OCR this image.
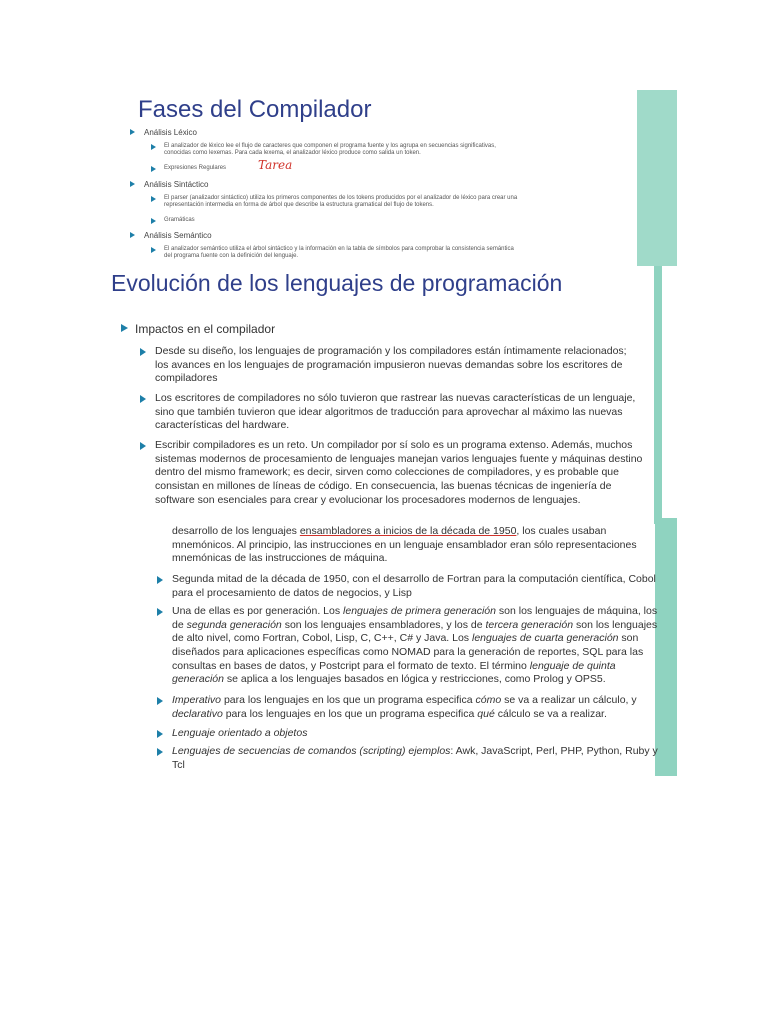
desarrollo de los lenguajes ensambladores a inicios de la década de 1950, los cuales usaban mnemónicos. Al principio, las instrucciones en un lenguaje ensamblador eran sólo representaciones mnemónicas de las instrucciones de máquina.
Segunda mitad de la década de 1950, con el desarrollo de Fortran para la computación científica, Cobol para el procesamiento de datos de negocios, y Lisp
Una de ellas es por generación. Los lenguajes de primera generación son los lenguajes de máquina, los de segunda generación son los lenguajes ensambladores, y los de tercera generación son los lenguajes de alto nivel, como Fortran, Cobol, Lisp, C, C++, C# y Java. Los lenguajes de cuarta generación son diseñados para aplicaciones específicas como NOMAD para la generación de reportes, SQL para las consultas en bases de datos, y Postcript para el formato de texto. El término lenguaje de quinta generación se aplica a los lenguajes basados en lógica y restricciones, como Prolog y OPS5.
Imperativo para los lenguajes en los que un programa especifica cómo se va a realizar un cálculo, y declarativo para los lenguajes en los que un programa especifica qué cálculo se va a realizar.
Lenguaje orientado a objetos
Lenguajes de secuencias de comandos (scripting) ejemplos: Awk, JavaScript, Perl, PHP, Python, Ruby y Tcl
Fases del Compilador
Análisis Léxico
El analizador de léxico lee el flujo de caracteres que componen el programa fuente y los agrupa en secuencias significativas,
conocidas como lexemas. Para cada lexema, el analizador léxico produce como salida un token.
Expresiones Regulares	Tarea
Análisis Sintáctico
El parser (analizador sintáctico) utiliza los primeros componentes de los tokens producidos por el analizador de léxico para crear una
representación intermedia en forma de árbol que describe la estructura gramatical del flujo de tokens.
Gramáticas
Análisis Semántico
El analizador semántico utiliza el árbol sintáctico y la información en la tabla de símbolos para comprobar la consistencia semántica
del programa fuente con la definición del lenguaje.
Evolución de los lenguajes de programación
Impactos en el compilador
Desde su diseño, los lenguajes de programación y los compiladores están íntimamente relacionados; los avances en los lenguajes de programación impusieron nuevas demandas sobre los escritores de compiladores
Los escritores de compiladores no sólo tuvieron que rastrear las nuevas características de un lenguaje, sino que también tuvieron que idear algoritmos de traducción para aprovechar al máximo las nuevas características del hardware.
Escribir compiladores es un reto. Un compilador por sí solo es un programa extenso. Además, muchos sistemas modernos de procesamiento de lenguajes manejan varios lenguajes fuente y máquinas destino dentro del mismo framework; es decir, sirven como colecciones de compiladores, y es probable que consistan en millones de líneas de código. En consecuencia, las buenas técnicas de ingeniería de software son esenciales para crear y evolucionar los procesadores modernos de lenguajes.
